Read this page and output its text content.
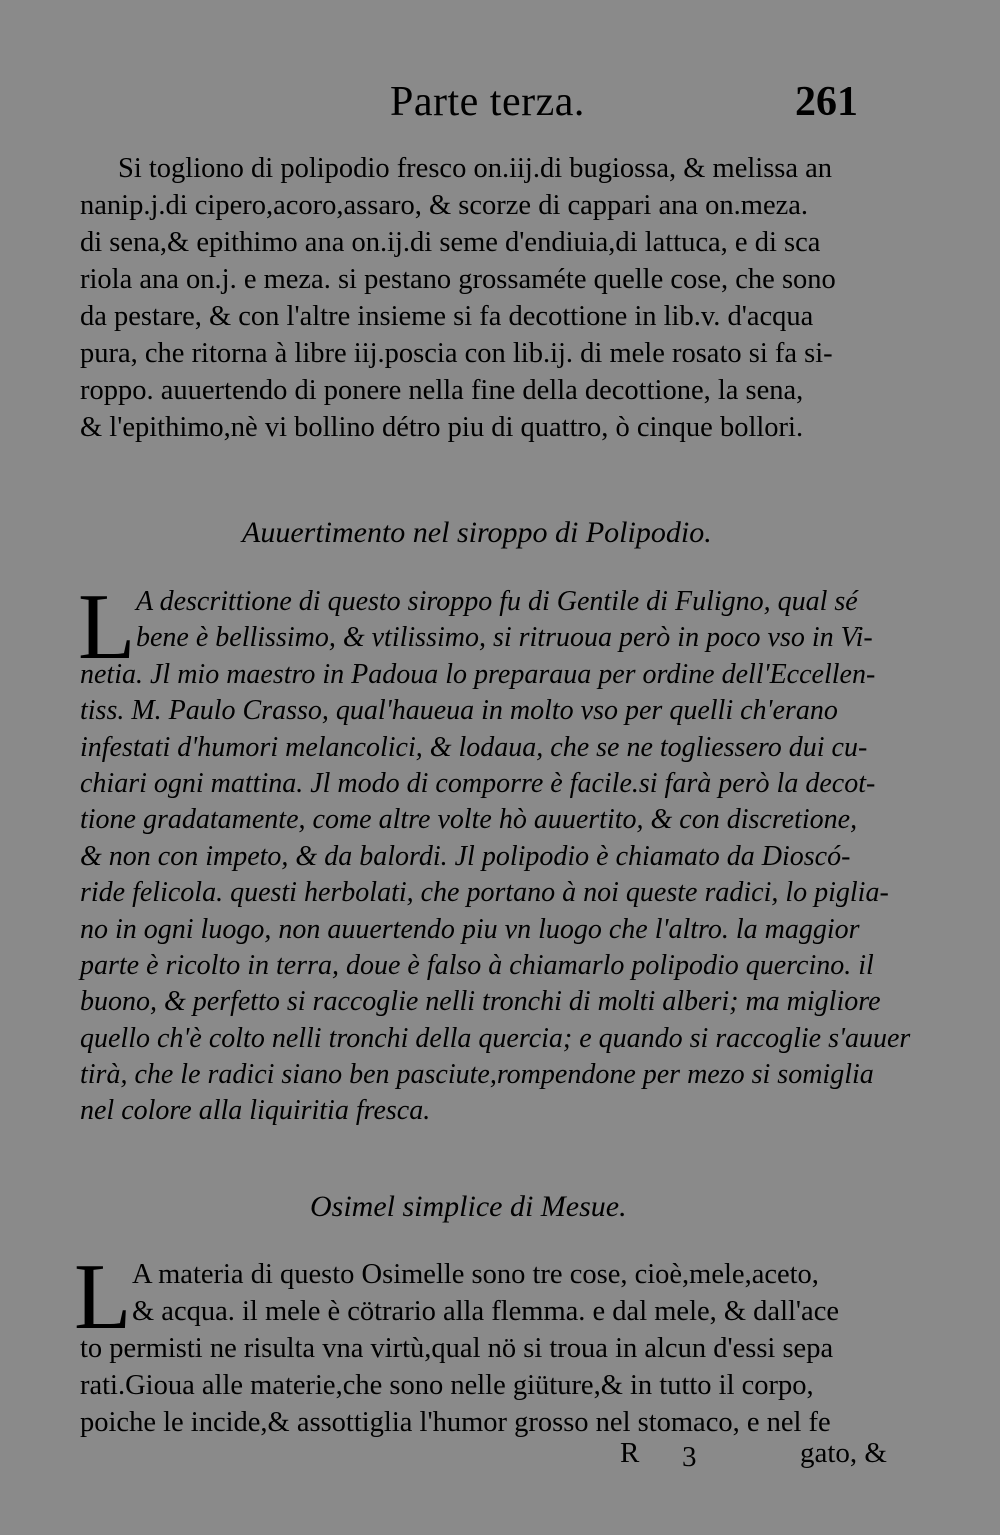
Parte terza.	261
Si togliono di polipodio fresco on.iij.di bugiossa, & melissa an
nanip.j.di cipero,acoro,assaro, & scorze di cappari ana on.meza.
di sena,& epithimo ana on.ij.di seme d'endiuia,di lattuca, e di sca
riola ana on.j. e meza. si pestano grossaméte quelle cose, che sono
da pestare, & con l'altre insieme si fa decottione in lib.v. d'acqua
pura, che ritorna à libre iij.poscia con lib.ij. di mele rosato si fa si-
roppo. auuertendo di ponere nella fine della decottione, la sena,
& l'epithimo,nè vi bollino détro piu di quattro, ò cinque bollori.
Auuertimento nel siroppo di Polipodio.
L A descrittione di questo siroppo fu di Gentile di Fuligno, qual sé
bene è bellissimo, & vtilissimo, si ritruoua però in poco vso in Vi-
netia. Jl mio maestro in Padoua lo preparaua per ordine dell'Eccellen-
tiss. M. Paulo Crasso, qual'haueua in molto vso per quelli ch'erano
infestati d'humori melancolici, & lodaua, che se ne togliessero dui cu-
chiari ogni mattina. Jl modo di comporre è facile.si farà però la decot-
tione gradatamente, come altre volte hò auuertito, & con discretione,
& non con impeto, & da balordi. Jl polipodio è chiamato da Dioscó-
ride felicola. questi herbolati, che portano à noi queste radici, lo piglia-
no in ogni luogo, non auuertendo piu vn luogo che l'altro. la maggior
parte è ricolto in terra, doue è falso à chiamarlo polipodio quercino. il
buono, & perfetto si raccoglie nelli tronchi di molti alberi; ma migliore
quello ch'è colto nelli tronchi della quercia; e quando si raccoglie s'auuer
tirà, che le radici siano ben pasciute,rompendone per mezo si somiglia
nel colore alla liquiritia fresca.
Osimel simplice di Mesue.
L A materia di questo Osimelle sono tre cose, cioè,mele,aceto,
& acqua. il mele è cötrario alla flemma. e dal mele, & dall'ace
to permisti ne risulta vna virtù,qual nö si troua in alcun d'essi sepa
rati.Gioua alle materie,che sono nelle giüture,& in tutto il corpo,
poiche le incide,& assottiglia l'humor grosso nel stomaco, e nel fe
R 3	gato, &
